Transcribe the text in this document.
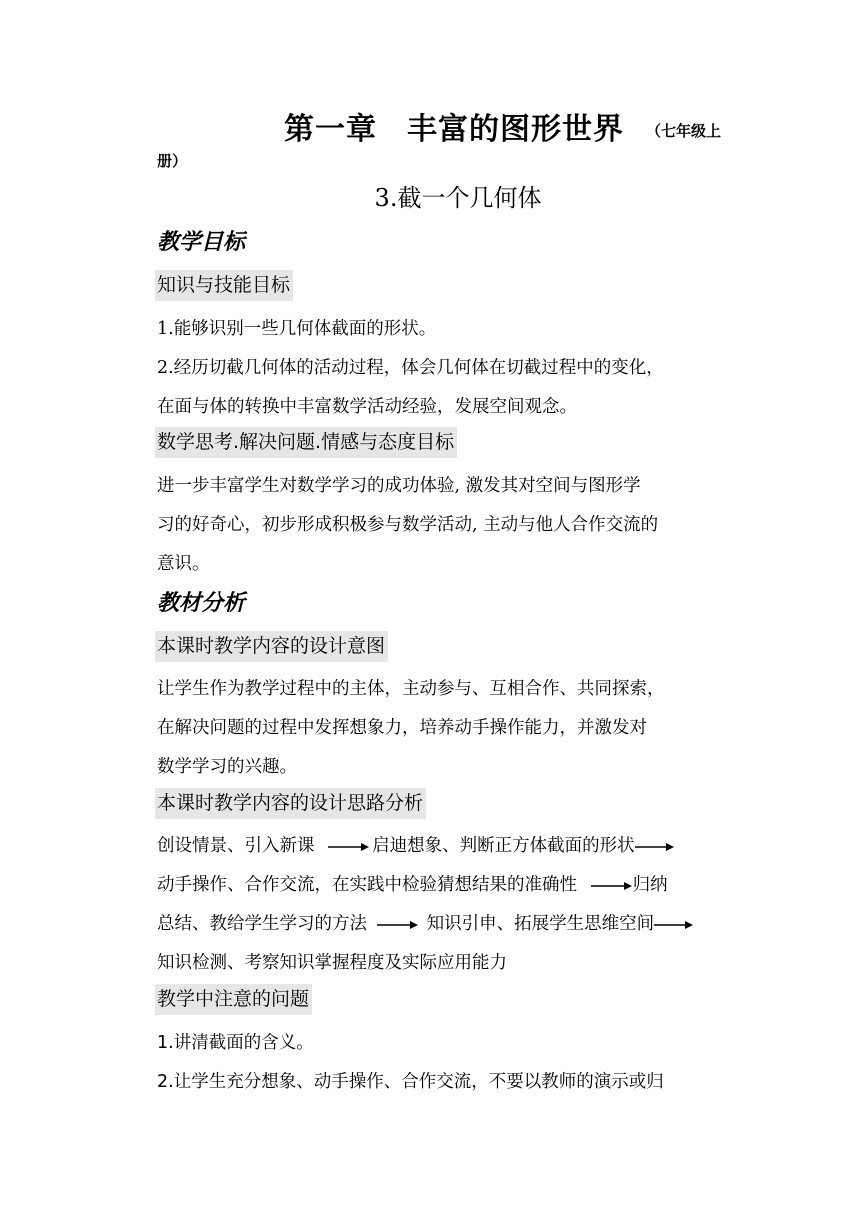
第一章 丰富的图形世界 （七年级上
册）
3.截一个几何体
教学目标
知识与技能目标
1.能够识别一些几何体截面的形状。
2.经历切截几何体的活动过程，体会几何体在切截过程中的变化，
在面与体的转换中丰富数学活动经验，发展空间观念。
数学思考.解决问题.情感与态度目标
进一步丰富学生对数学学习的成功体验, 激发其对空间与图形学
习的好奇心，初步形成积极参与数学活动, 主动与他人合作交流的
意识。
教材分析
本课时教学内容的设计意图
让学生作为教学过程中的主体，主动参与、互相合作、共同探索，
在解决问题的过程中发挥想象力，培养动手操作能力，并激发对
数学学习的兴趣。
本课时教学内容的设计思路分析
创设情景、引入新课	启迪想象、判断正方体截面的形状
动手操作、合作交流，在实践中检验猜想结果的准确性	归纳
总结、教给学生学习的方法	知识引申、拓展学生思维空间
知识检测、考察知识掌握程度及实际应用能力
教学中注意的问题
1.讲清截面的含义。
2.让学生充分想象、动手操作、合作交流，不要以教师的演示或归
